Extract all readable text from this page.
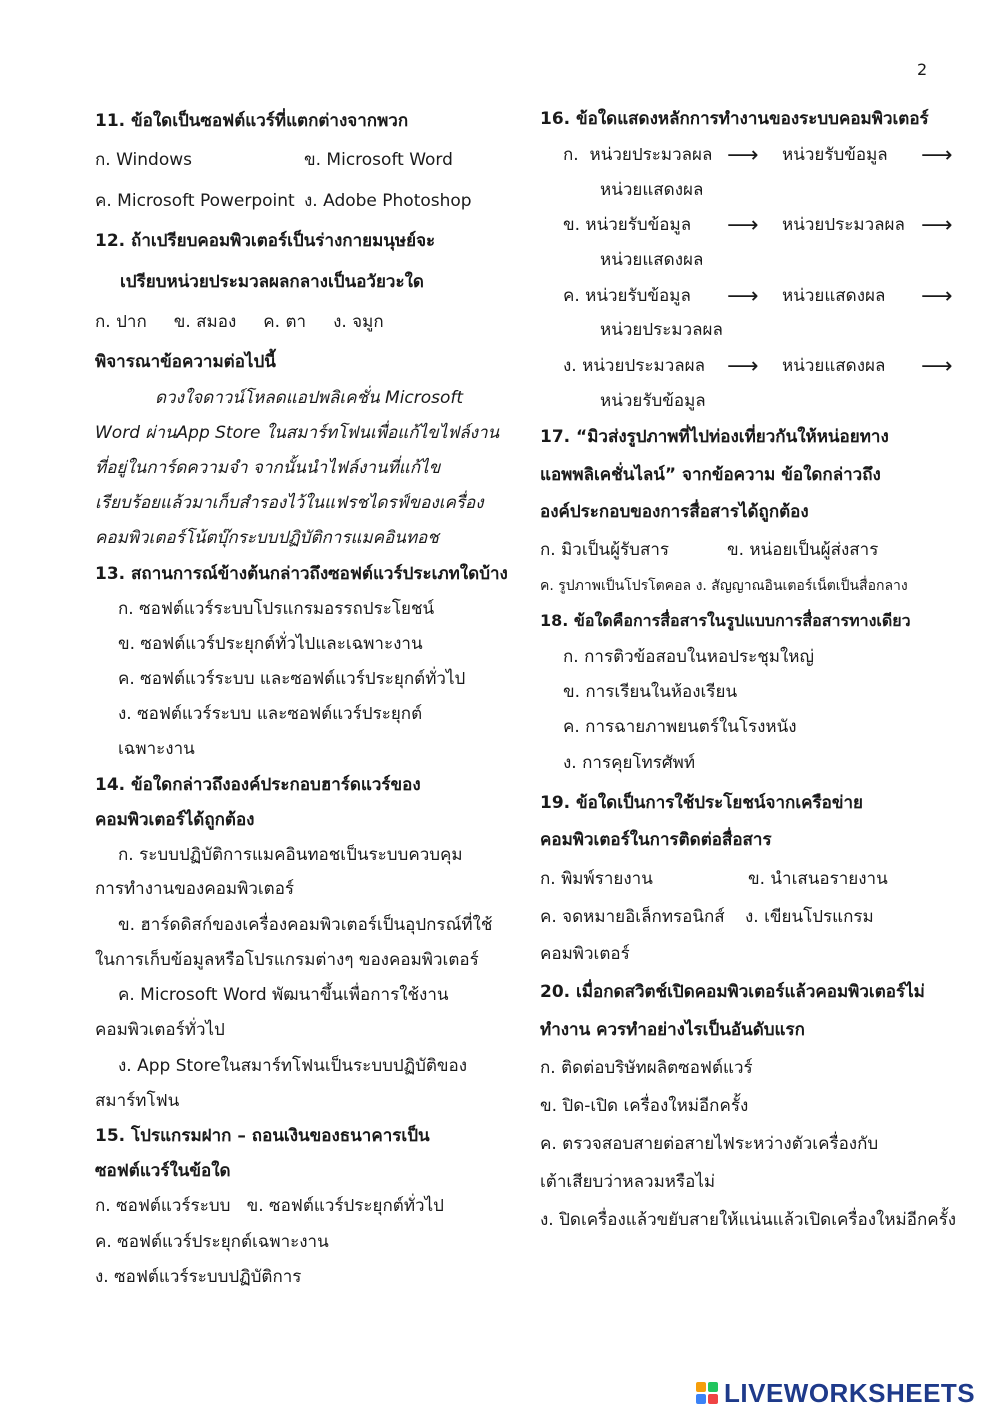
2
11. ข้อใดเป็นซอฟต์แวร์ที่แตกต่างจากพวก
ก. Windows	ข. Microsoft Word
ค. Microsoft Powerpoint ง. Adobe Photoshop
12. ถ้าเปรียบคอมพิวเตอร์เป็นร่างกายมนุษย์จะ
เปรียบหน่วยประมวลผลกลางเป็นอวัยวะใด
ก. ปาก     ข. สมอง     ค. ตา     ง. จมูก
พิจารณาข้อความต่อไปนี้
ดวงใจดาวน์โหลดแอปพลิเคชั่น Microsoft
Word ผ่านApp Store ในสมาร์ทโฟนเพื่อแก้ไขไฟล์งาน
ที่อยู่ในการ์ดความจำ จากนั้นนำไฟล์งานที่แก้ไข
เรียบร้อยแล้วมาเก็บสำรองไว้ในแฟรชไดรฟ์ของเครื่อง
คอมพิวเตอร์โน้ตบุ๊กระบบปฏิบัติการแมคอินทอช
13. สถานการณ์ข้างต้นกล่าวถึงซอฟต์แวร์ประเภทใดบ้าง
ก. ซอฟต์แวร์ระบบโปรแกรมอรรถประโยชน์
ข. ซอฟต์แวร์ประยุกต์ทั่วไปและเฉพาะงาน
ค. ซอฟต์แวร์ระบบ และซอฟต์แวร์ประยุกต์ทั่วไป
ง. ซอฟต์แวร์ระบบ และซอฟต์แวร์ประยุกต์
เฉพาะงาน
14. ข้อใดกล่าวถึงองค์ประกอบฮาร์ดแวร์ของ
คอมพิวเตอร์ได้ถูกต้อง
ก. ระบบปฏิบัติการแมคอินทอชเป็นระบบควบคุม
การทำงานของคอมพิวเตอร์
ข. ฮาร์ดดิสก์ของเครื่องคอมพิวเตอร์เป็นอุปกรณ์ที่ใช้
ในการเก็บข้อมูลหรือโปรแกรมต่างๆ ของคอมพิวเตอร์
ค. Microsoft Word พัฒนาขึ้นเพื่อการใช้งาน
คอมพิวเตอร์ทั่วไป
ง. App Storeในสมาร์ทโฟนเป็นระบบปฏิบัติของ
สมาร์ทโฟน
15. โปรแกรมฝาก – ถอนเงินของธนาคารเป็น
ซอฟต์แวร์ในข้อใด
ก. ซอฟต์แวร์ระบบ   ข. ซอฟต์แวร์ประยุกต์ทั่วไป
ค. ซอฟต์แวร์ประยุกต์เฉพาะงาน
ง. ซอฟต์แวร์ระบบปฏิบัติการ
16. ข้อใดแสดงหลักการทำงานของระบบคอมพิวเตอร์
ก.  หน่วยประมวลผล ⟶ หน่วยรับข้อมูล ⟶
หน่วยแสดงผล
ข. หน่วยรับข้อมูล ⟶ หน่วยประมวลผล ⟶
หน่วยแสดงผล
ค. หน่วยรับข้อมูล ⟶ หน่วยแสดงผล ⟶
หน่วยประมวลผล
ง. หน่วยประมวลผล ⟶ หน่วยแสดงผล ⟶
หน่วยรับข้อมูล
17. “มิวส่งรูปภาพที่ไปท่องเที่ยวกันให้หน่อยทาง
แอพพลิเคชั่นไลน์” จากข้อความ ข้อใดกล่าวถึง
องค์ประกอบของการสื่อสารได้ถูกต้อง
ก. มิวเป็นผู้รับสาร	ข. หน่อยเป็นผู้ส่งสาร
ค. รูปภาพเป็นโปรโตคอล ง. สัญญาณอินเตอร์เน็ตเป็นสื่อกลาง
18. ข้อใดคือการสื่อสารในรูปแบบการสื่อสารทางเดียว
ก. การติวข้อสอบในหอประชุมใหญ่
ข. การเรียนในห้องเรียน
ค. การฉายภาพยนตร์ในโรงหนัง
ง. การคุยโทรศัพท์
19. ข้อใดเป็นการใช้ประโยชน์จากเครือข่าย
คอมพิวเตอร์ในการติดต่อสื่อสาร
ก. พิมพ์รายงาน	ข. นำเสนอรายงาน
ค. จดหมายอิเล็กทรอนิกส์ ง. เขียนโปรแกรม
คอมพิวเตอร์
20. เมื่อกดสวิตช์เปิดคอมพิวเตอร์แล้วคอมพิวเตอร์ไม่
ทำงาน ควรทำอย่างไรเป็นอันดับแรก
ก. ติดต่อบริษัทผลิตซอฟต์แวร์
ข. ปิด-เปิด เครื่องใหม่อีกครั้ง
ค. ตรวจสอบสายต่อสายไฟระหว่างตัวเครื่องกับ
เต้าเสียบว่าหลวมหรือไม่
ง. ปิดเครื่องแล้วขยับสายให้แน่นแล้วเปิดเครื่องใหม่อีกครั้ง
LIVEWORKSHEETS
